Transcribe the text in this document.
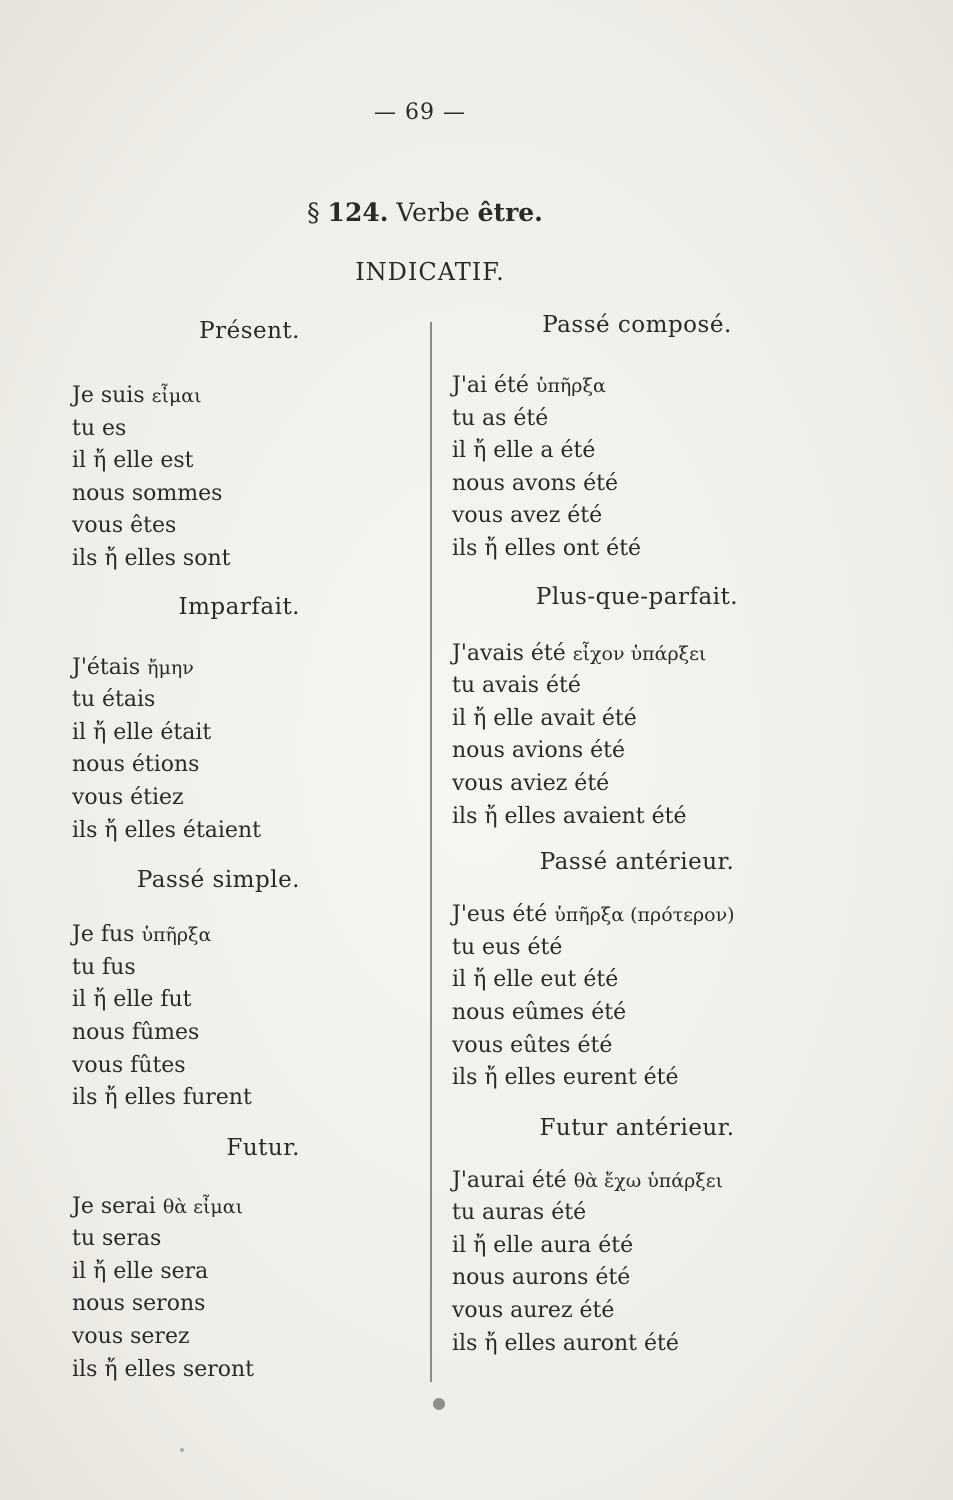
— 69 —
§ 124. Verbe être.
INDICATIF.
Présent.
Je suis εἶμαι
tu es
il ἤ elle est
nous sommes
vous êtes
ils ἤ elles sont
Imparfait.
J'étais ἤμην
tu étais
il ἤ elle était
nous étions
vous étiez
ils ἤ elles étaient
Passé simple.
Je fus ὑπῆρξα
tu fus
il ἤ elle fut
nous fûmes
vous fûtes
ils ἤ elles furent
Futur.
Je serai θὰ εἶμαι
tu seras
il ἤ elle sera
nous serons
vous serez
ils ἤ elles seront
Passé composé.
J'ai été ὑπῆρξα
tu as été
il ἤ elle a été
nous avons été
vous avez été
ils ἤ elles ont été
Plus-que-parfait.
J'avais été εἶχον ὑπάρξει
tu avais été
il ἤ elle avait été
nous avions été
vous aviez été
ils ἤ elles avaient été
Passé antérieur.
J'eus été ὑπῆρξα (πρότερον)
tu eus été
il ἤ elle eut été
nous eûmes été
vous eûtes été
ils ἤ elles eurent été
Futur antérieur.
J'aurai été θὰ ἔχω ὑπάρξει
tu auras été
il ἤ elle aura été
nous aurons été
vous aurez été
ils ἤ elles auront été
